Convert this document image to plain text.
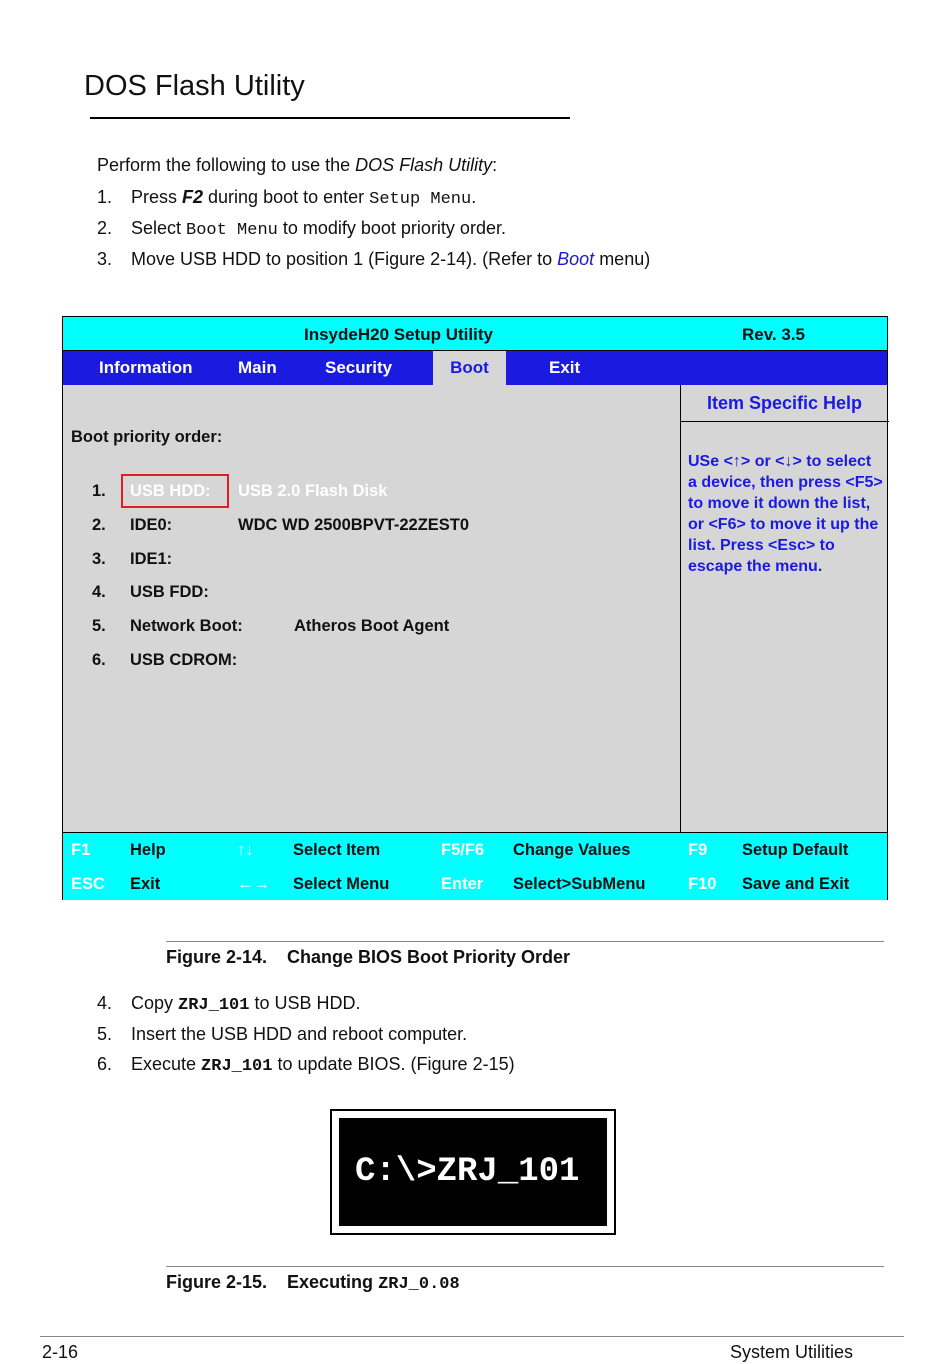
DOS Flash Utility
Perform the following to use the DOS Flash Utility:
1. Press F2 during boot to enter Setup Menu.
2. Select Boot Menu to modify boot priority order.
3. Move USB HDD to position 1 (Figure 2-14). (Refer to Boot menu)
InsydeH20 Setup Utility	Rev. 3.5
Information	Main	Security	Boot	Exit
Item Specific Help
USe <↑> or <↓> to select a device, then press <F5> to move it down the list, or <F6> to move it up the list. Press <Esc> to escape the menu.
Boot priority order:
1. USB HDD: USB 2.0 Flash Disk
2. IDE0:	WDC WD 2500BPVT-22ZEST0
3. IDE1:
4. USB FDD:
5. Network Boot:	Atheros Boot Agent
6. USB CDROM:
F1 Help	↑↓ Select Item	F5/F6 Change Values	F9 Setup Default
ESC Exit	←→ Select Menu	Enter Select>SubMenu	F10 Save and Exit
Figure 2-14. Change BIOS Boot Priority Order
4. Copy ZRJ_101 to USB HDD.
5. Insert the USB HDD and reboot computer.
6. Execute ZRJ_101 to update BIOS. (Figure 2-15)
C:\>ZRJ_101
Figure 2-15. Executing ZRJ_0.08
2-16	System Utilities
